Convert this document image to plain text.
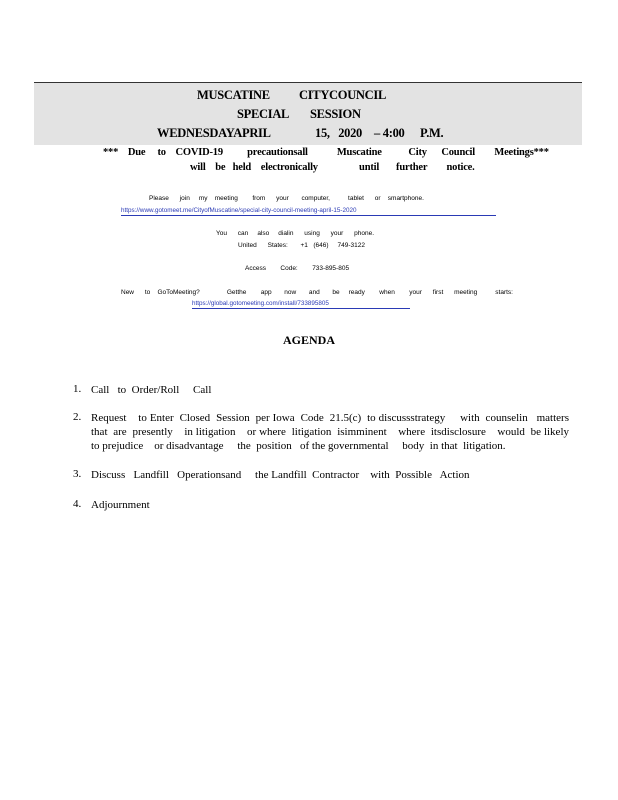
MUSCATINE CITYCOUNCIL
SPECIAL SESSION
WEDNESDAYAPRIL	15,   2020 – 4:00 P.M.
***    Due     to    COVID-19          precautionsall            Muscatine           City      Council        Meetings***
will    be   held    electronically                 until       further        notice.
Please      join     my    meeting        from      your       computer,          tablet      or    smartphone.
https://www.gotomeet.me/CityofMuscatine/special-city-council-meeting-april-15-2020
You      can     also     dialin      using      your      phone.
United      States:       +1   (646)     749-3122
Access        Code:        733-895-805
New      to    GoToMeeting?               Getthe        app       now       and       be     ready        when        your      first      meeting          starts:
https://global.gotomeeting.com/install/733895805
AGENDA
1. Call   to  Order/Roll     Call
2. Request    to Enter  Closed  Session  per Iowa  Code  21.5(c)  to discussstrategy     with  counselin   matters that  are  presently    in litigation    or where  litigation  isimminent    where  itsdisclosure    would  be likely to prejudice    or disadvantage     the  position   of the governmental     body  in that  litigation.
3. Discuss   Landfill   Operationsand     the Landfill  Contractor    with  Possible   Action
4. Adjournment
